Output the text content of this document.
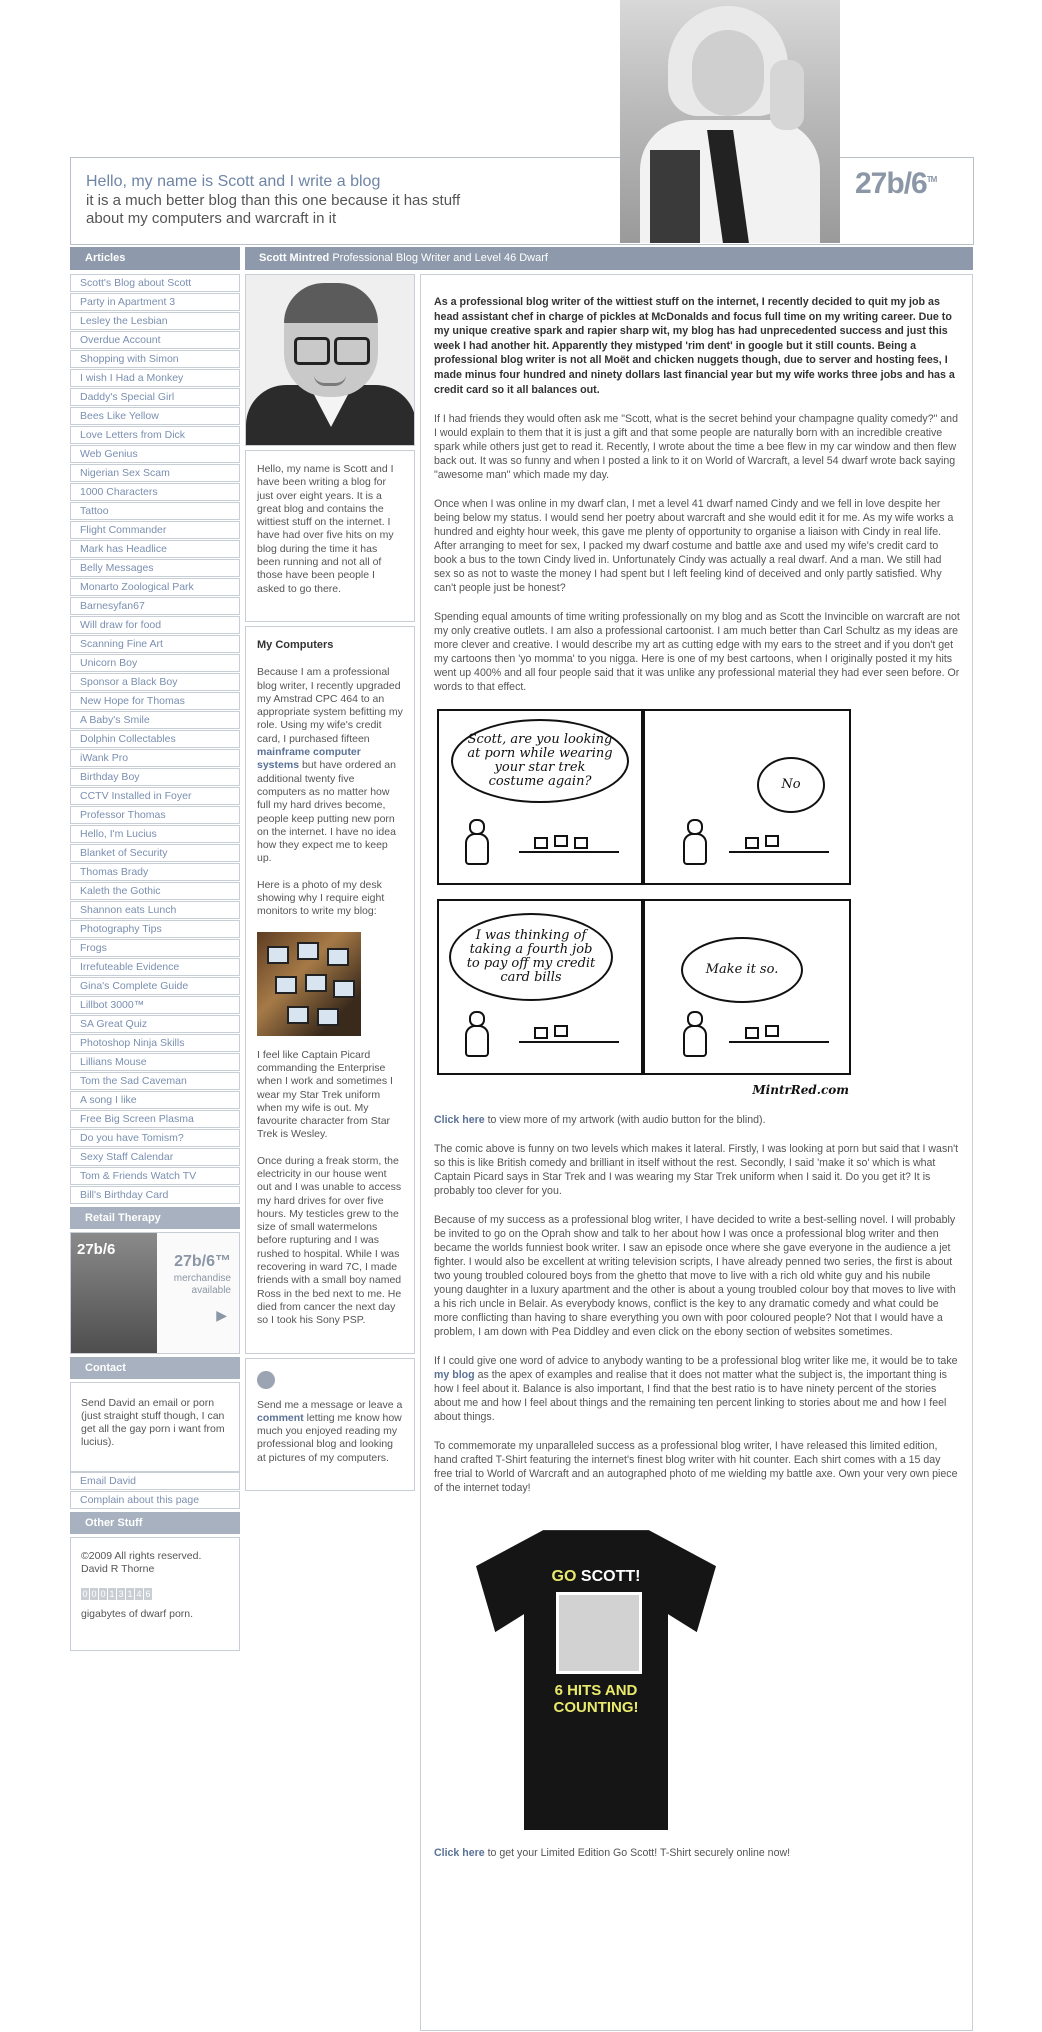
Hello, my name is Scott and I write a blog
it is a much better blog than this one because it has stuff about my computers and warcraft in it
27b/6™
Articles	Scott Mintred Professional Blog Writer and Level 46 Dwarf
Scott's Blog about Scott
Party in Apartment 3
Lesley the Lesbian
Overdue Account
Shopping with Simon
I wish I Had a Monkey
Daddy's Special Girl
Bees Like Yellow
Love Letters from Dick
Web Genius
Nigerian Sex Scam
1000 Characters
Tattoo
Flight Commander
Mark has Headlice
Belly Messages
Monarto Zoological Park
Barnesyfan67
Will draw for food
Scanning Fine Art
Unicorn Boy
Sponsor a Black Boy
New Hope for Thomas
A Baby's Smile
Dolphin Collectables
iWank Pro
Birthday Boy
CCTV Installed in Foyer
Professor Thomas
Hello, I'm Lucius
Blanket of Security
Thomas Brady
Kaleth the Gothic
Shannon eats Lunch
Photography Tips
Frogs
Irrefuteable Evidence
Gina's Complete Guide
Lillbot 3000™
SA Great Quiz
Photoshop Ninja Skills
Lillians Mouse
Tom the Sad Caveman
A song I like
Free Big Screen Plasma
Do you have Tomism?
Sexy Staff Calendar
Tom & Friends Watch TV
Bill's Birthday Card
Retail Therapy
27b/6
27b/6™
merchandise available
▶
Contact
Send David an email or porn (just straight stuff though, I can get all the gay porn i want from lucius).
Email David
Complain about this page
Other Stuff
©2009 All rights reserved. David R Thorne
0 0 0 1 3 1 4 6
gigabytes of dwarf porn.

Hello, my name is Scott and I have been writing a blog for just over eight years. It is a great blog and contains the wittiest stuff on the internet. I have had over five hits on my blog during the time it has been running and not all of those have been people I asked to go there.

My Computers

Because I am a professional blog writer, I recently upgraded my Amstrad CPC 464 to an appropriate system befitting my role. Using my wife's credit card, I purchased fifteen mainframe computer systems but have ordered an additional twenty five computers as no matter how full my hard drives become, people keep putting new porn on the internet. I have no idea how they expect me to keep up.

Here is a photo of my desk showing why I require eight monitors to write my blog:

I feel like Captain Picard commanding the Enterprise when I work and sometimes I wear my Star Trek uniform when my wife is out. My favourite character from Star Trek is Wesley.

Once during a freak storm, the electricity in our house went out and I was unable to access my hard drives for over five hours. My testicles grew to the size of small watermelons before rupturing and I was rushed to hospital. While I was recovering in ward 7C, I made friends with a small boy named Ross in the bed next to me. He died from cancer the next day so I took his Sony PSP.

Send me a message or leave a comment letting me know how much you enjoyed reading my professional blog and looking at pictures of my computers.

As a professional blog writer of the wittiest stuff on the internet, I recently decided to quit my job as head assistant chef in charge of pickles at McDonalds and focus full time on my writing career. Due to my unique creative spark and rapier sharp wit, my blog has had unprecedented success and just this week I had another hit. Apparently they mistyped 'rim dent' in google but it still counts. Being a professional blog writer is not all Moët and chicken nuggets though, due to server and hosting fees, I made minus four hundred and ninety dollars last financial year but my wife works three jobs and has a credit card so it all balances out.

If I had friends they would often ask me "Scott, what is the secret behind your champagne quality comedy?" and I would explain to them that it is just a gift and that some people are naturally born with an incredible creative spark while others just get to read it. Recently, I wrote about the time a bee flew in my car window and then flew back out. It was so funny and when I posted a link to it on World of Warcraft, a level 54 dwarf wrote back saying "awesome man" which made my day.

Once when I was online in my dwarf clan, I met a level 41 dwarf named Cindy and we fell in love despite her being below my status. I would send her poetry about warcraft and she would edit it for me. As my wife works a hundred and eighty hour week, this gave me plenty of opportunity to organise a liaison with Cindy in real life. After arranging to meet for sex, I packed my dwarf costume and battle axe and used my wife's credit card to book a bus to the town Cindy lived in. Unfortunately Cindy was actually a real dwarf. And a man. We still had sex so as not to waste the money I had spent but I left feeling kind of deceived and only partly satisfied. Why can't people just be honest?

Spending equal amounts of time writing professionally on my blog and as Scott the Invincible on warcraft are not my only creative outlets. I am also a professional cartoonist. I am much better than Carl Schultz as my ideas are more clever and creative. I would describe my art as cutting edge with my ears to the street and if you don't get my cartoons then 'yo momma' to you nigga. Here is one of my best cartoons, when I originally posted it my hits went up 400% and all four people said that it was unlike any professional material they had ever seen before. Or words to that effect.

Scott, are you looking at porn while wearing your star trek costume again?	No
I was thinking of taking a fourth job to pay off my credit card bills
Make it so.
MintrRed.com

Click here to view more of my artwork (with audio button for the blind).

The comic above is funny on two levels which makes it lateral. Firstly, I was looking at porn but said that I wasn't so this is like British comedy and brilliant in itself without the rest. Secondly, I said 'make it so' which is what Captain Picard says in Star Trek and I was wearing my Star Trek uniform when I said it. Do you get it? It is probably too clever for you.

Because of my success as a professional blog writer, I have decided to write a best-selling novel. I will probably be invited to go on the Oprah show and talk to her about how I was once a professional blog writer and then became the worlds funniest book writer. I saw an episode once where she gave everyone in the audience a jet fighter. I would also be excellent at writing television scripts, I have already penned two series, the first is about two young troubled coloured boys from the ghetto that move to live with a rich old white guy and his nubile young daughter in a luxury apartment and the other is about a young troubled colour boy that moves to live with a his rich uncle in Belair. As everybody knows, conflict is the key to any dramatic comedy and what could be more conflicting than having to share everything you own with poor coloured people? Not that I would have a problem, I am down with Pea Diddley and even click on the ebony section of websites sometimes.

If I could give one word of advice to anybody wanting to be a professional blog writer like me, it would be to take my blog as the apex of examples and realise that it does not matter what the subject is, the important thing is how I feel about it. Balance is also important, I find that the best ratio is to have ninety percent of the stories about me and how I feel about things and the remaining ten percent linking to stories about me and how I feel about things.

To commemorate my unparalleled success as a professional blog writer, I have released this limited edition, hand crafted T-Shirt featuring the internet's finest blog writer with hit counter. Each shirt comes with a 15 day free trial to World of Warcraft and an autographed photo of me wielding my battle axe. Own your very own piece of the internet today!

GO SCOTT!
6 HITS AND
COUNTING!

Click here to get your Limited Edition Go Scott! T-Shirt securely online now!
